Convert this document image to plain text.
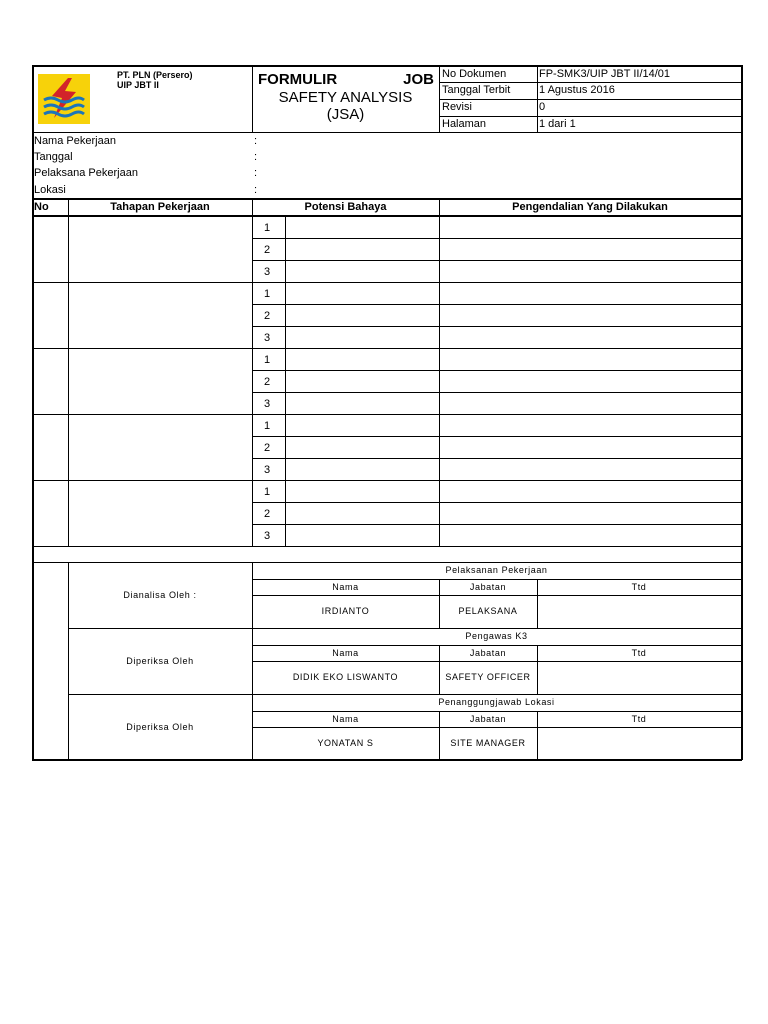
PT. PLN (Persero)
UIP JBT II	FORMULIR	JOB
SAFETY ANALYSIS
(JSA)
No Dokumen	FP-SMK3/UIP JBT II/14/01
Tanggal Terbit	1 Agustus 2016
Revisi	0
Halaman	1 dari 1
Nama Pekerjaan	:
Tanggal	:
Pelaksana Pekerjaan	:
Lokasi	:
No	Tahapan Pekerjaan	Potensi Bahaya	Pengendalian Yang Dilakukan
1
2
3
1
2
3
1
2
3
1
2
3
1
2
3
Dianalisa Oleh :
Pelaksanan Pekerjaan
Nama	Jabatan	Ttd
IRDIANTO	PELAKSANA
Diperiksa Oleh
Pengawas K3
Nama	Jabatan	Ttd
DIDIK EKO LISWANTO	SAFETY OFFICER
Diperiksa Oleh
Penanggungjawab Lokasi
Nama	Jabatan	Ttd
YONATAN S	SITE MANAGER
